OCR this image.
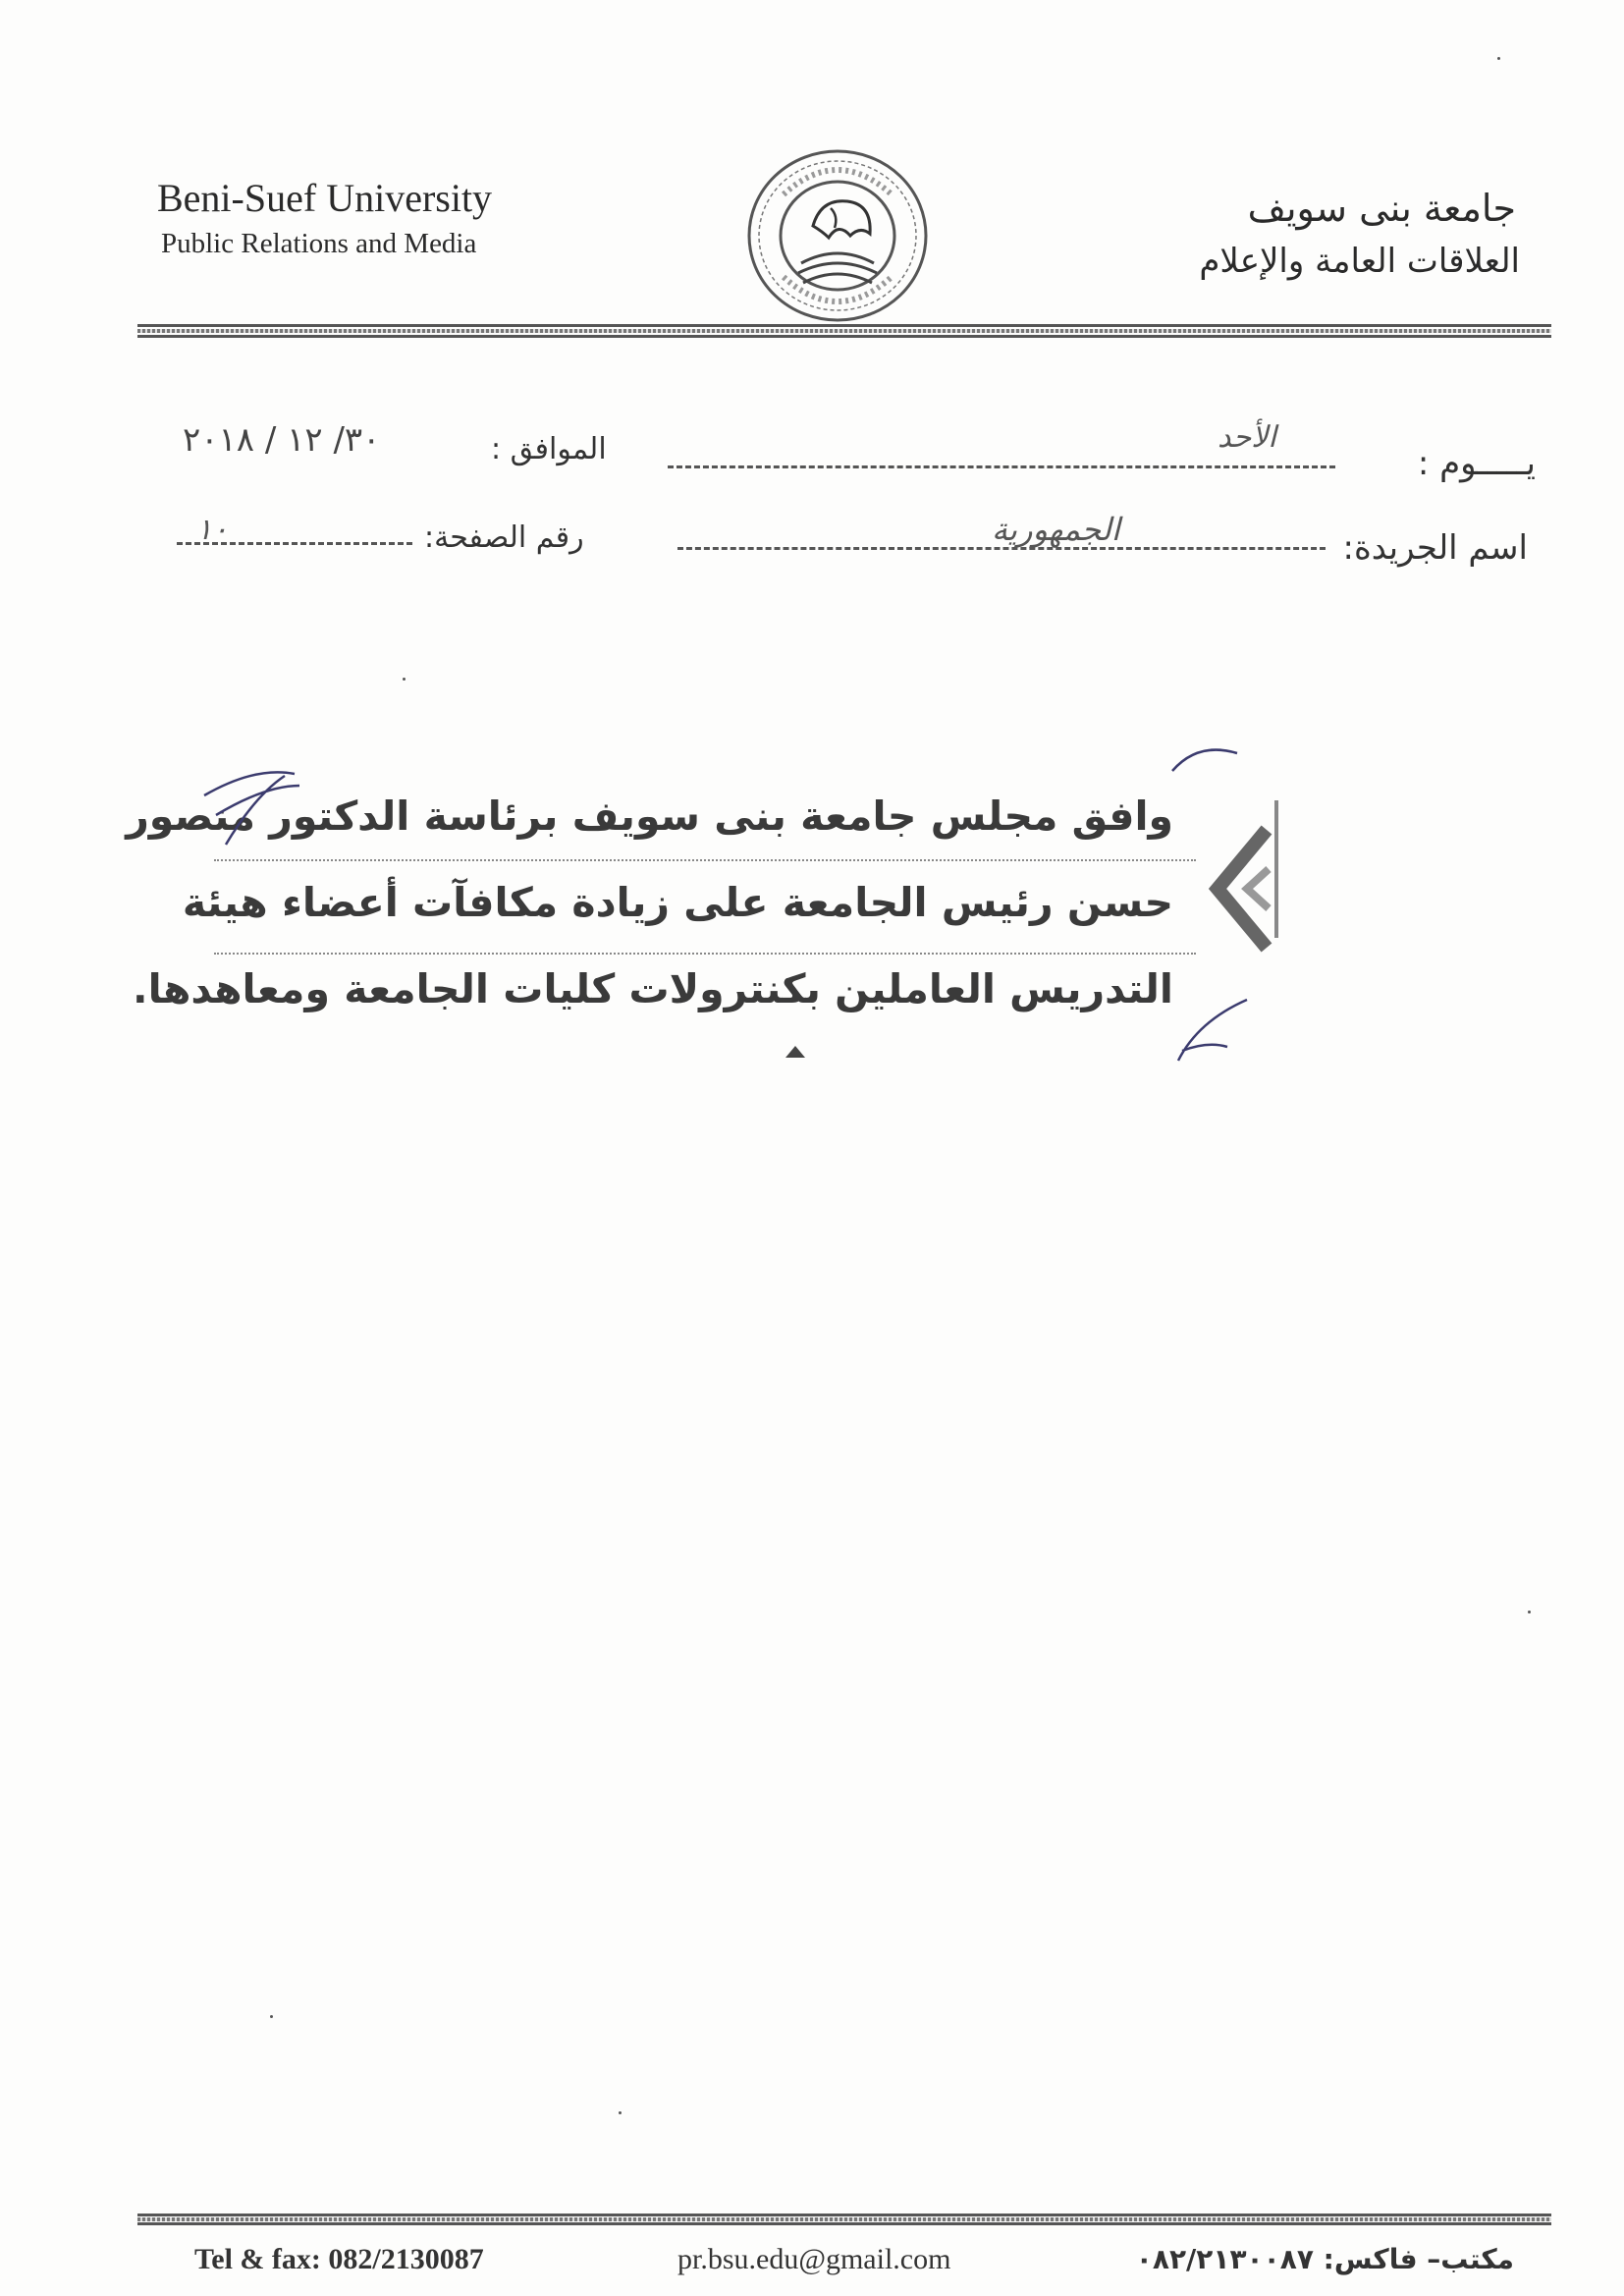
Beni-Suef University
Public Relations and Media
جامعة بنى سويف
العلاقات العامة والإعلام
يـــــوم :
الأحد
الموافق :
٣٠/ ١٢ / ٢٠١٨
اسم الجريدة:
الجمهورية
رقم الصفحة:
١٠
وافق مجلس جامعة بنى سويف برئاسة الدكتور منصور
حسن رئيس الجامعة على زيادة مكافآت أعضاء هيئة
التدريس العاملين بكنترولات كليات الجامعة ومعاهدها.
Tel & fax: 082/2130087	pr.bsu.edu@gmail.com	مكتب– فاكس: ٠٨٢/٢١٣٠٠٨٧
